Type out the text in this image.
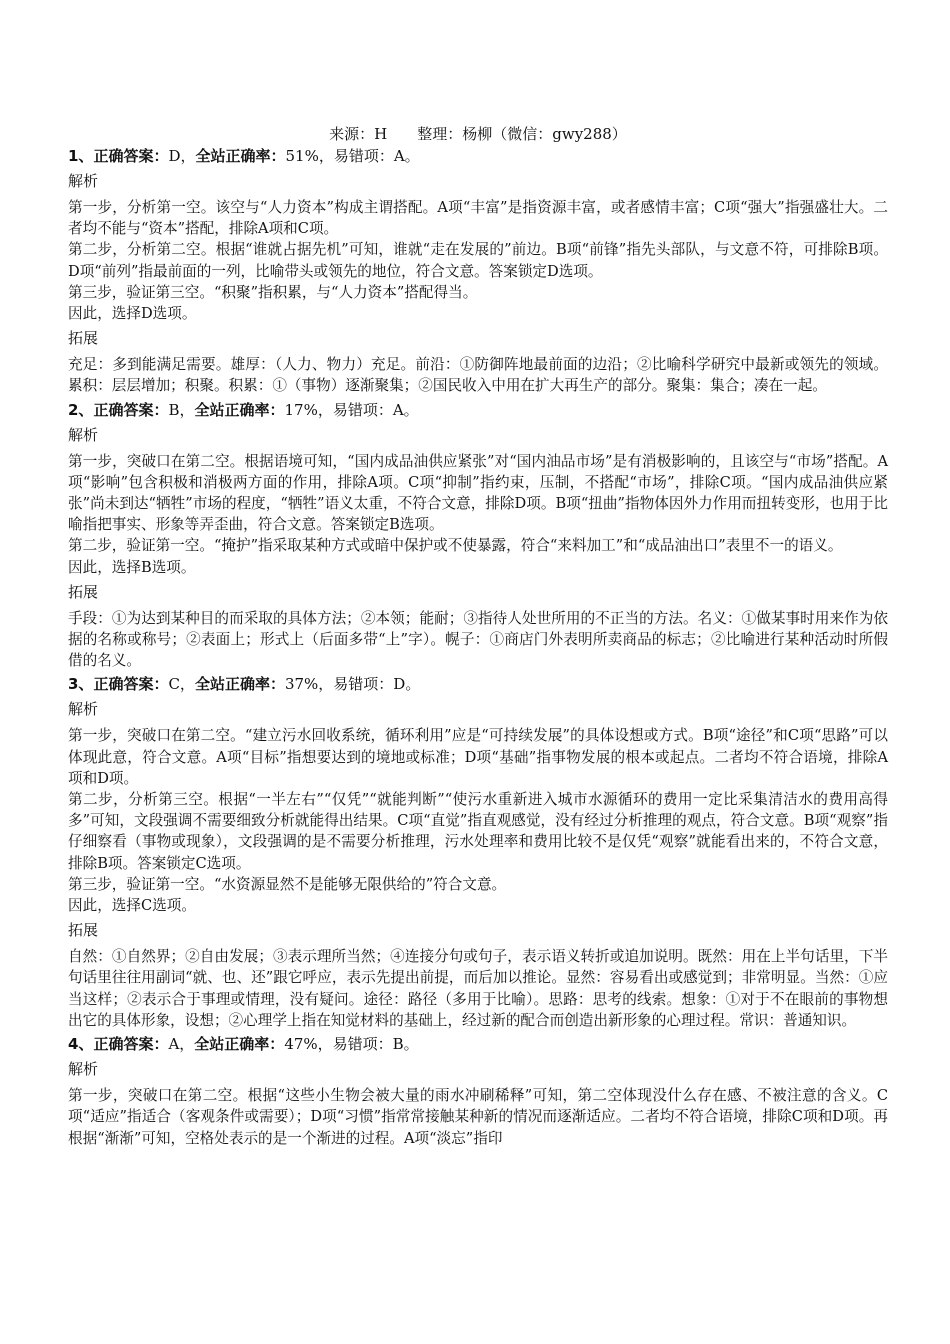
来源：H　　整理：杨柳（微信：gwy288）

1、正确答案：D，全站正确率：51%，易错项：A。

解析

第一步，分析第一空。该空与“人力资本”构成主谓搭配。A项“丰富”是指资源丰富，或者感情丰富；C项“强大”指强盛壮大。二者均不能与“资本”搭配，排除A项和C项。

第二步，分析第二空。根据“谁就占据先机”可知，谁就“走在发展的”前边。B项“前锋”指先头部队，与文意不符，可排除B项。D项“前列”指最前面的一列，比喻带头或领先的地位，符合文意。答案锁定D选项。

第三步，验证第三空。“积聚”指积累，与“人力资本”搭配得当。

因此，选择D选项。

拓展

充足：多到能满足需要。雄厚：（人力、物力）充足。前沿：①防御阵地最前面的边沿；②比喻科学研究中最新或领先的领域。累积：层层增加；积聚。积累：①（事物）逐渐聚集；②国民收入中用在扩大再生产的部分。聚集：集合；凑在一起。

2、正确答案：B，全站正确率：17%，易错项：A。

解析

第一步，突破口在第二空。根据语境可知，“国内成品油供应紧张”对“国内油品市场”是有消极影响的，且该空与“市场”搭配。A项“影响”包含积极和消极两方面的作用，排除A项。C项“抑制”指约束，压制，不搭配“市场”，排除C项。“国内成品油供应紧张”尚未到达“牺牲”市场的程度，“牺牲”语义太重，不符合文意，排除D项。B项“扭曲”指物体因外力作用而扭转变形，也用于比喻指把事实、形象等弄歪曲，符合文意。答案锁定B选项。

第二步，验证第一空。“掩护”指采取某种方式或暗中保护或不使暴露，符合“来料加工”和“成品油出口”表里不一的语义。

因此，选择B选项。

拓展

手段：①为达到某种目的而采取的具体方法；②本领；能耐；③指待人处世所用的不正当的方法。名义：①做某事时用来作为依据的名称或称号；②表面上；形式上（后面多带“上”字）。幌子：①商店门外表明所卖商品的标志；②比喻进行某种活动时所假借的名义。

3、正确答案：C，全站正确率：37%，易错项：D。

解析

第一步，突破口在第二空。“建立污水回收系统，循环利用”应是“可持续发展”的具体设想或方式。B项“途径”和C项“思路”可以体现此意，符合文意。A项“目标”指想要达到的境地或标准；D项“基础”指事物发展的根本或起点。二者均不符合语境，排除A项和D项。

第二步，分析第三空。根据“一半左右”“仅凭”“就能判断”“使污水重新进入城市水源循环的费用一定比采集清洁水的费用高得多”可知，文段强调不需要细致分析就能得出结果。C项“直觉”指直观感觉，没有经过分析推理的观点，符合文意。B项“观察”指仔细察看（事物或现象），文段强调的是不需要分析推理，污水处理率和费用比较不是仅凭“观察”就能看出来的，不符合文意，排除B项。答案锁定C选项。

第三步，验证第一空。“水资源显然不是能够无限供给的”符合文意。

因此，选择C选项。

拓展

自然：①自然界；②自由发展；③表示理所当然；④连接分句或句子，表示语义转折或追加说明。既然：用在上半句话里，下半句话里往往用副词“就、也、还”跟它呼应，表示先提出前提，而后加以推论。显然：容易看出或感觉到；非常明显。当然：①应当这样；②表示合于事理或情理，没有疑问。途径：路径（多用于比喻）。思路：思考的线索。想象：①对于不在眼前的事物想出它的具体形象，设想；②心理学上指在知觉材料的基础上，经过新的配合而创造出新形象的心理过程。常识：普通知识。

4、正确答案：A，全站正确率：47%，易错项：B。

解析

第一步，突破口在第二空。根据“这些小生物会被大量的雨水冲刷稀释”可知，第二空体现没什么存在感、不被注意的含义。C项“适应”指适合（客观条件或需要）；D项“习惯”指常常接触某种新的情况而逐渐适应。二者均不符合语境，排除C项和D项。再根据“渐渐”可知，空格处表示的是一个渐进的过程。A项“淡忘”指印
